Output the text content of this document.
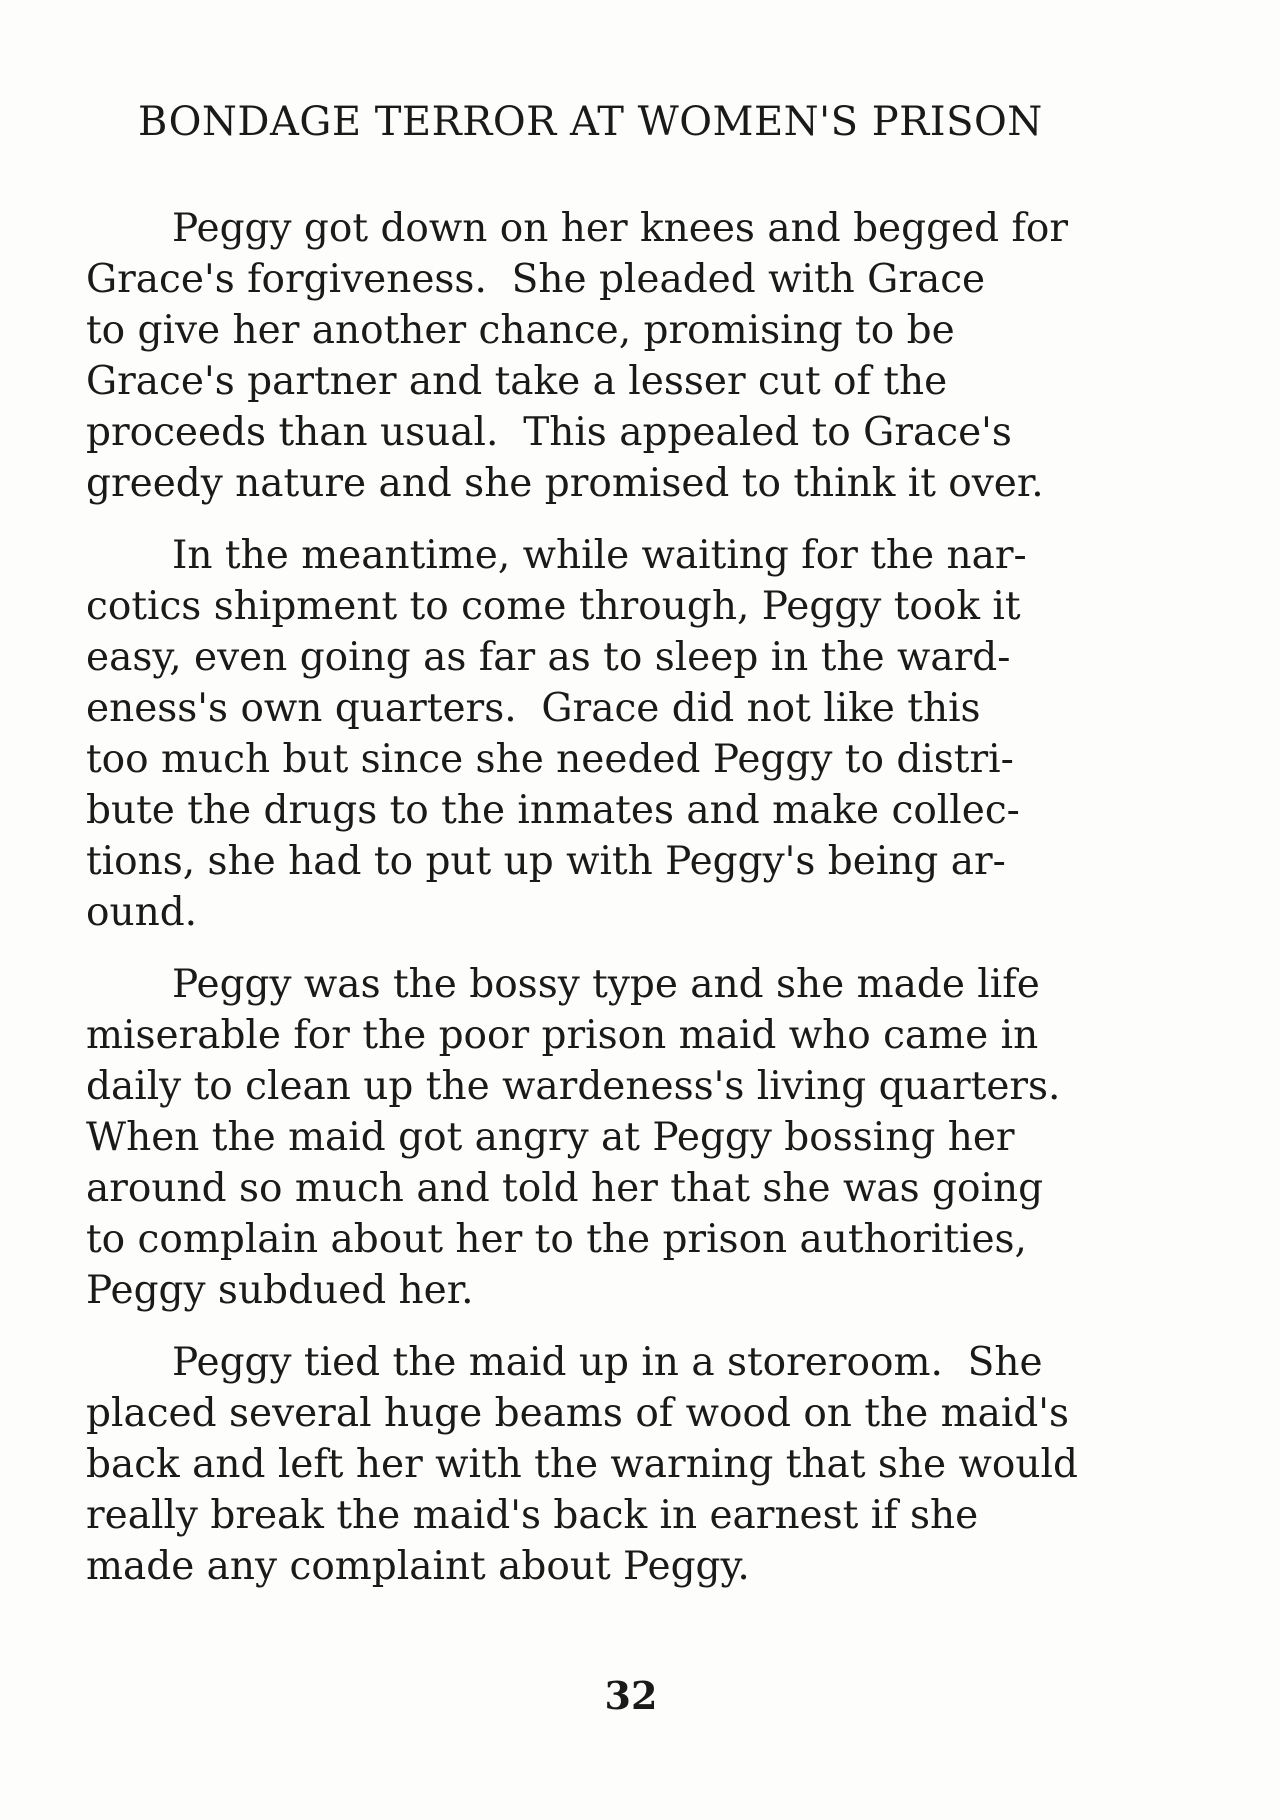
BONDAGE TERROR AT WOMEN'S PRISON

Peggy got down on her knees and begged for
Grace's forgiveness.  She pleaded with Grace
to give her another chance, promising to be
Grace's partner and take a lesser cut of the
proceeds than usual.  This appealed to Grace's
greedy nature and she promised to think it over.

In the meantime, while waiting for the nar-
cotics shipment to come through, Peggy took it
easy, even going as far as to sleep in the ward-
eness's own quarters.  Grace did not like this
too much but since she needed Peggy to distri-
bute the drugs to the inmates and make collec-
tions, she had to put up with Peggy's being ar-
ound.

Peggy was the bossy type and she made life
miserable for the poor prison maid who came in
daily to clean up the wardeness's living quarters.
When the maid got angry at Peggy bossing her
around so much and told her that she was going
to complain about her to the prison authorities,
Peggy subdued her.

Peggy tied the maid up in a storeroom.  She
placed several huge beams of wood on the maid's
back and left her with the warning that she would
really break the maid's back in earnest if she
made any complaint about Peggy.

32
